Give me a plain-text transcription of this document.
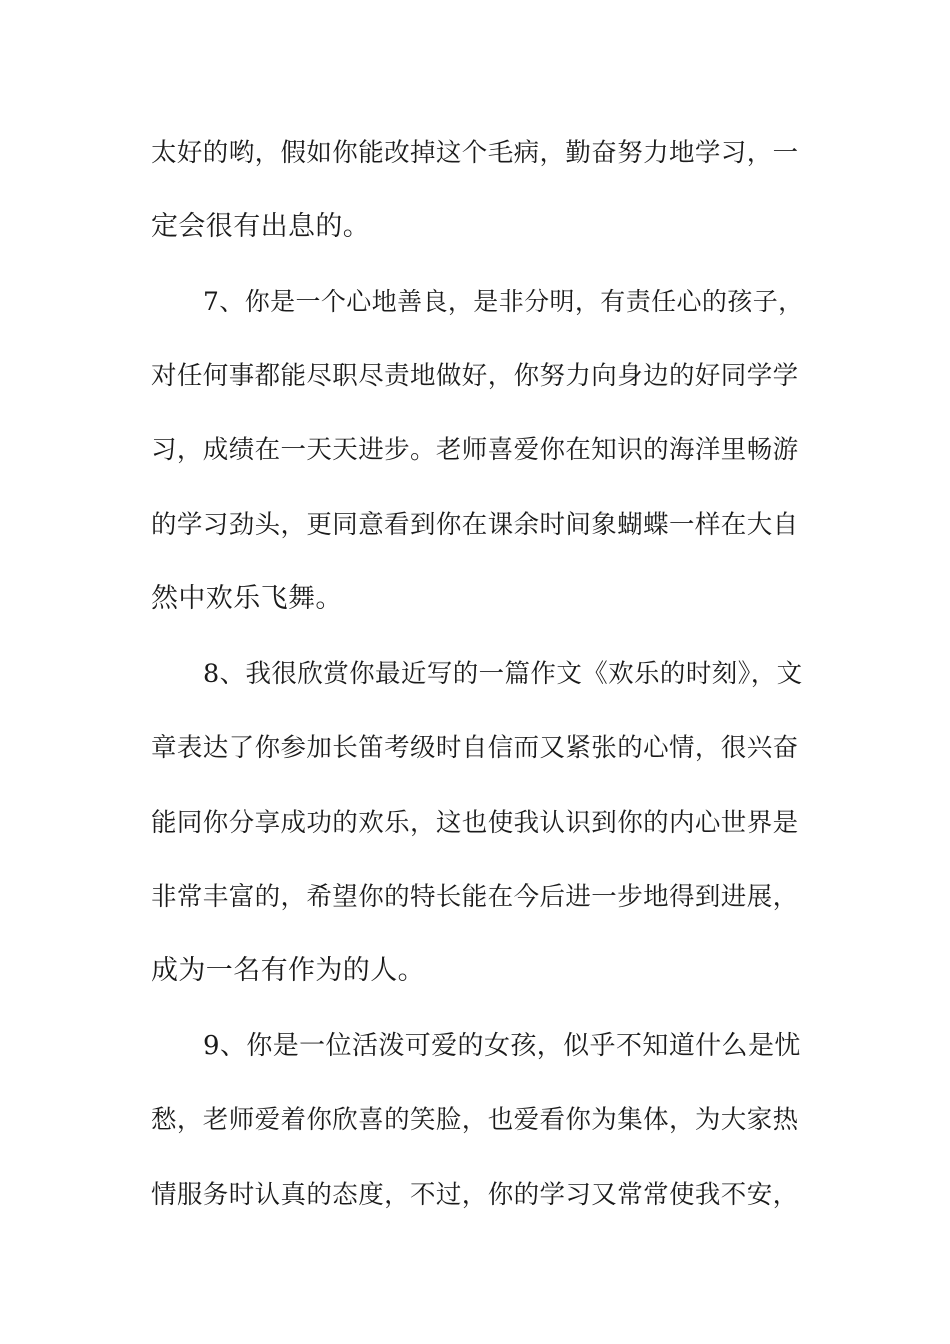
太好的哟，假如你能改掉这个毛病，勤奋努力地学习，一
定会很有出息的。
7、你是一个心地善良，是非分明，有责任心的孩子，
对任何事都能尽职尽责地做好，你努力向身边的好同学学
习，成绩在一天天进步。老师喜爱你在知识的海洋里畅游
的学习劲头，更同意看到你在课余时间象蝴蝶一样在大自
然中欢乐飞舞。
8、我很欣赏你最近写的一篇作文《欢乐的时刻》，文
章表达了你参加长笛考级时自信而又紧张的心情，很兴奋
能同你分享成功的欢乐，这也使我认识到你的内心世界是
非常丰富的，希望你的特长能在今后进一步地得到进展，
成为一名有作为的人。
9、你是一位活泼可爱的女孩，似乎不知道什么是忧
愁，老师爱着你欣喜的笑脸，也爱看你为集体，为大家热
情服务时认真的态度，不过，你的学习又常常使我不安，
